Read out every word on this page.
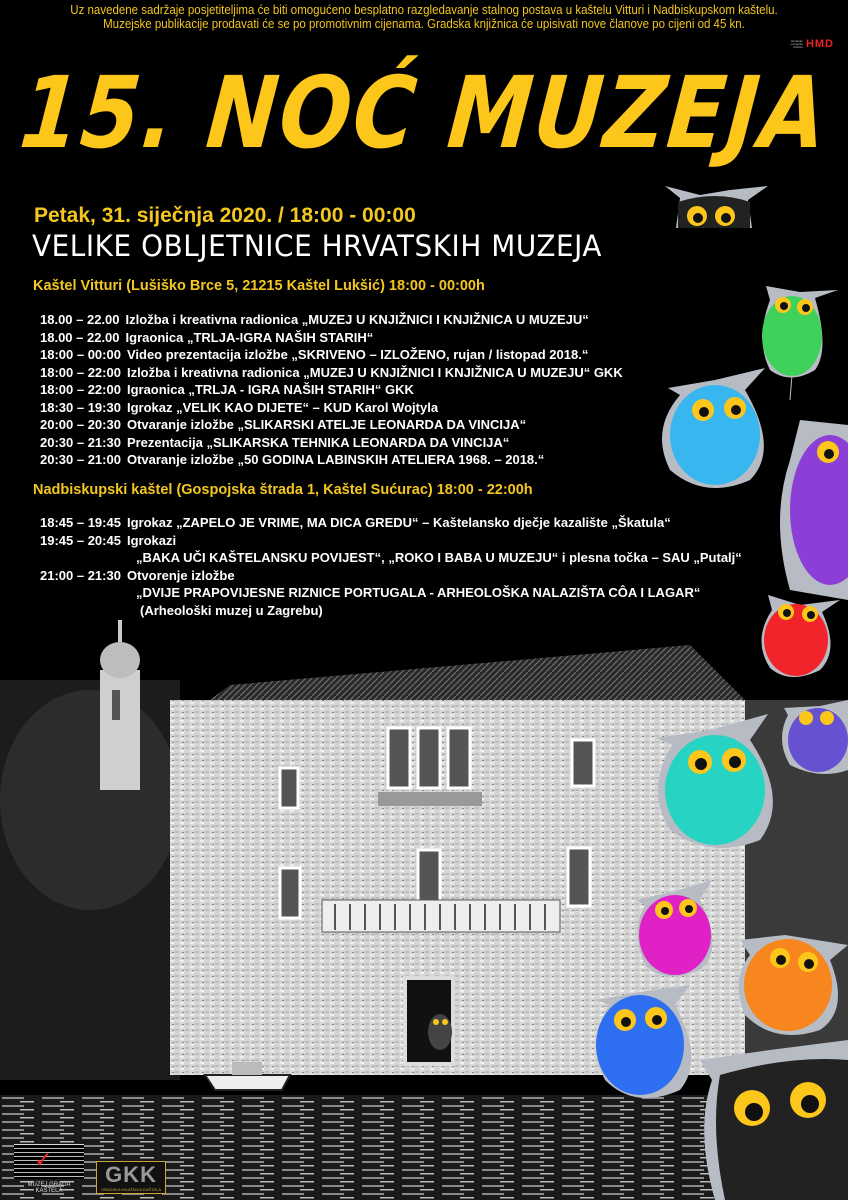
Uz navedene sadržaje posjetiteljima će biti omogućeno besplatno razgledavanje stalnog postava u kaštelu Vitturi i Nadbiskupskom kaštelu.
Muzejske publikacije prodavati će se po promotivnim cijenama. Gradska knjižnica će upisivati nove članove po cijeni od 45 kn.
Hrvatsko muzejsko društvo HMD
15. NOĆ MUZEJA
Petak, 31. siječnja 2020. / 18:00 - 00:00
VELIKE OBLJETNICE HRVATSKIH MUZEJA
Kaštel Vitturi (Lušiško Brce 5, 21215 Kaštel Lukšić) 18:00 - 00:00h
18.00 – 22.00 Izložba i kreativna radionica „MUZEJ U KNJIŽNICI I KNJIŽNICA U MUZEJU“
18.00 – 22.00 Igraonica „TRLJA-IGRA NAŠIH STARIH“
18:00 – 00:00 Video prezentacija izložbe „SKRIVENO – IZLOŽENO, rujan / listopad 2018.“
18:00 – 22:00 Izložba i kreativna radionica „MUZEJ U KNJIŽNICI I KNJIŽNICA U MUZEJU“ GKK
18:00 – 22:00 Igraonica „TRLJA - IGRA NAŠIH STARIH“ GKK
18:30 – 19:30 Igrokaz „VELIK KAO DIJETE“ – KUD Karol Wojtyla
20:00 – 20:30 Otvaranje izložbe „SLIKARSKI ATELJE LEONARDA DA VINCIJA“
20:30 – 21:30 Prezentacija „SLIKARSKA TEHNIKA LEONARDA DA VINCIJA“
20:30 – 21:00 Otvaranje izložbe „50 GODINA LABINSKIH ATELIERA 1968. – 2018.“
Nadbiskupski kaštel (Gospojska štrada 1, Kaštel Sućurac) 18:00 - 22:00h
18:45 – 19:45 Igrokaz „ZAPELO JE VRIME, MA DICA GREDU“ – Kaštelansko dječje kazalište „Škatula“
19:45 – 20:45 Igrokazi
„BAKA UČI KAŠTELANSKU POVIJEST“, „ROKO I BABA U MUZEJU“ i plesna točka – SAU „Putalj“
21:00 – 21:30 Otvorenje izložbe
„DVIJE PRAPOVIJESNE RIZNICE PORTUGALA - ARHEOLOŠKA NALAZIŠTA CÔA I LAGAR“
(Arheološki muzej u Zagrebu)
✓
MUZEJ GRADA KAŠTELA
GKK
GRADSKA KNJIŽNICA KAŠTELA
